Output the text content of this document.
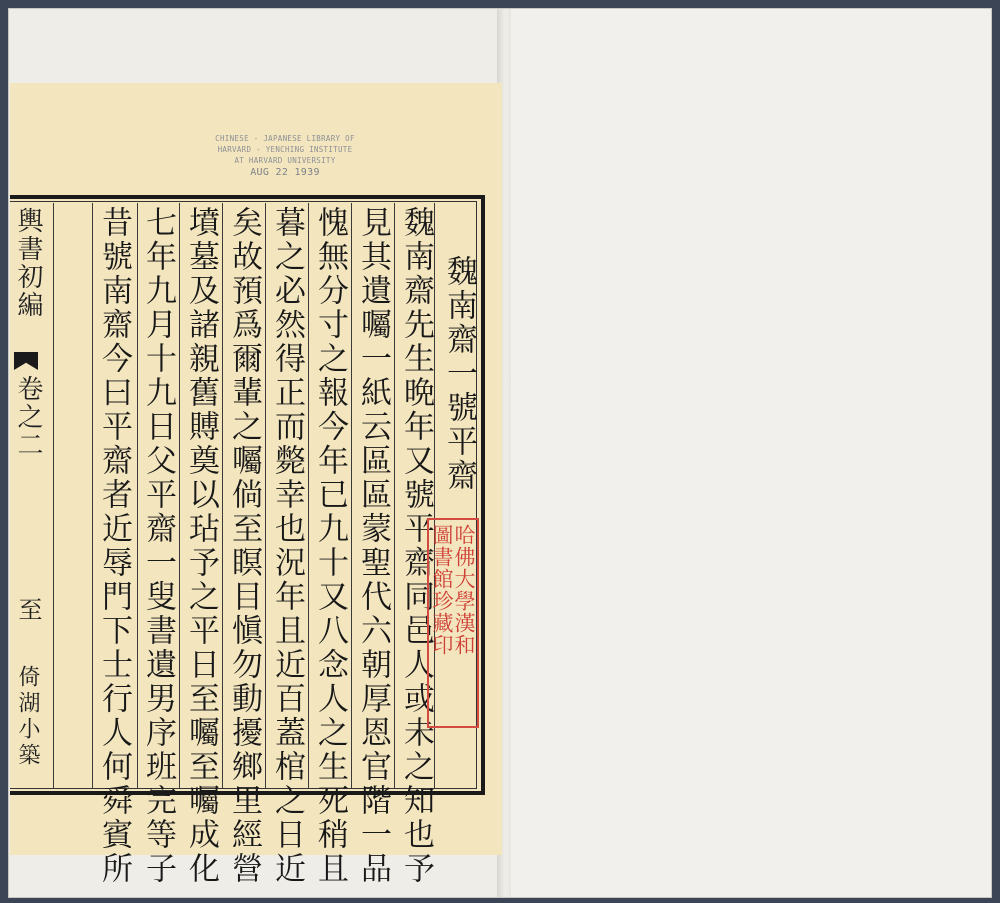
CHINESE - JAPANESE LIBRARY OF
HARVARD - YENCHING INSTITUTE
AT HARVARD UNIVERSITY
AUG 22 1939
輿書初編
卷之二
至
倚湖小築
魏南齋一號平齋
魏南齋先生晩年又號平齋同邑人或未之知也予
見其遺囑一紙云區區蒙聖代六朝厚恩官階一品
愧無分寸之報今年已九十又八念人之生死稍且
暮之必然得正而斃幸也況年且近百蓋棺之日近
矣故預爲爾輩之囑倘至瞑目愼勿動擾鄉里經營
墳墓及諸親舊賻奠以玷予之平日至囑至囑成化
七年九月十九日父平齋一叟書遺男序班完等子
昔號南齋今曰平齋者近辱門下士行人何舜賓所	哈佛大學漢和
圖書館珍藏印
